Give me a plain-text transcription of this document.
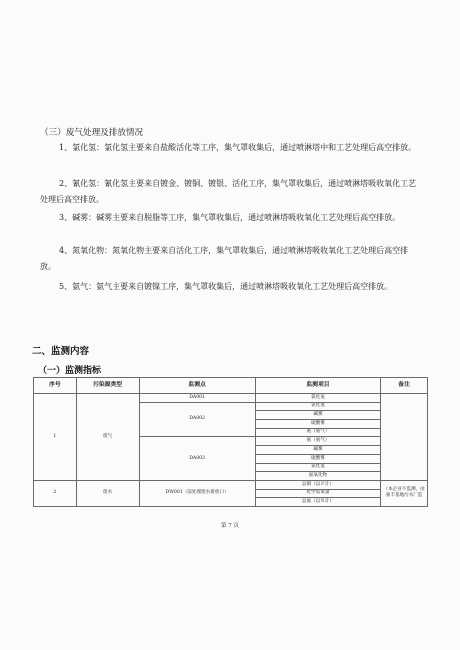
（三）废气处理及排放情况

1、氯化氢：氯化氢主要来自盐酸活化等工序，集气罩收集后，通过喷淋塔中和工艺处理后高空排放。

2、氰化氢：氰化氢主要来自镀金、镀铜、镀银、活化工序，集气罩收集后，通过喷淋塔吸收氧化工艺处理后高空排放。

3、碱雾：碱雾主要来自脱脂等工序，集气罩收集后，通过喷淋塔吸收氧化工艺处理后高空排放。

4、氮氧化物：氮氧化物主要来自活化工序，集气罩收集后，通过喷淋塔吸收氧化工艺处理后高空排放。

5、氨气：氨气主要来自镀镍工序，集气罩收集后，通过喷淋塔吸收氧化工艺处理后高空排放。

二、监测内容
（一）监测指标
序号	污染源类型	监测点	监测项目	备注
1	废气	DA001	氯化氢	
		DA002	氯化氢	
			碱雾	
			硫酸雾	
			氨（氨气）	
		DA003	氨（氨气）	
			碱雾	
			硫酸雾	
			氯化氢	
			氮氧化物	
2	废水	DW001（前处理废水排放口）	总铜（以Ｐ计）	（本企业不监测，由豪丰基地污水厂监
			化学需氧量	
			总氮（以Ｎ计）	
第 7 页
